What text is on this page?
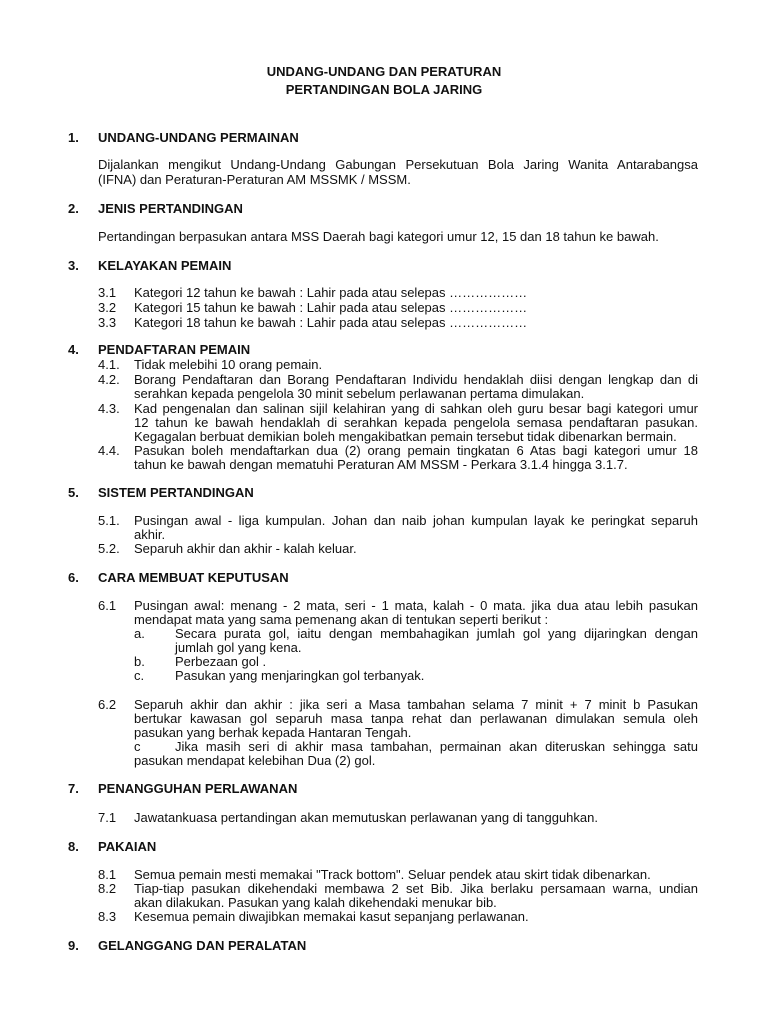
UNDANG-UNDANG DAN PERATURAN
PERTANDINGAN BOLA JARING
1. UNDANG-UNDANG PERMAINAN
Dijalankan mengikut Undang-Undang Gabungan Persekutuan Bola Jaring Wanita Antarabangsa
(IFNA) dan Peraturan-Peraturan AM MSSMK / MSSM.
2. JENIS PERTANDINGAN
Pertandingan berpasukan antara MSS Daerah bagi kategori umur 12, 15 dan 18 tahun ke bawah.
3. KELAYAKAN PEMAIN
3.1 Kategori 12 tahun ke bawah : Lahir pada atau selepas ………………
3.2 Kategori 15 tahun ke bawah : Lahir pada atau selepas ………………
3.3 Kategori 18 tahun ke bawah : Lahir pada atau selepas ………………
4. PENDAFTARAN PEMAIN
4.1. Tidak melebihi 10 orang pemain.
4.2. Borang Pendaftaran dan Borang Pendaftaran Individu hendaklah diisi dengan lengkap dan di
serahkan kepada pengelola 30 minit sebelum perlawanan pertama dimulakan.
4.3. Kad pengenalan dan salinan sijil kelahiran yang di sahkan oleh guru besar bagi kategori umur
12 tahun ke bawah hendaklah di serahkan kepada pengelola semasa pendaftaran pasukan.
Kegagalan berbuat demikian boleh mengakibatkan pemain tersebut tidak dibenarkan bermain.
4.4. Pasukan boleh mendaftarkan dua (2) orang pemain tingkatan 6 Atas bagi kategori umur 18
tahun ke bawah dengan mematuhi Peraturan AM MSSM - Perkara 3.1.4 hingga 3.1.7.
5. SISTEM PERTANDINGAN
5.1. Pusingan awal - liga kumpulan. Johan dan naib johan kumpulan layak ke peringkat separuh
akhir.
5.2. Separuh akhir dan akhir - kalah keluar.
6. CARA MEMBUAT KEPUTUSAN
6.1 Pusingan awal: menang - 2 mata, seri - 1 mata, kalah - 0 mata. jika dua atau lebih pasukan
mendapat mata yang sama pemenang akan di tentukan seperti berikut :
a. Secara purata gol, iaitu dengan membahagikan jumlah gol yang dijaringkan dengan
jumlah gol yang kena.
b. Perbezaan gol .
c. Pasukan yang menjaringkan gol terbanyak.
6.2 Separuh akhir dan akhir : jika seri a Masa tambahan selama 7 minit + 7 minit b Pasukan
bertukar kawasan gol separuh masa tanpa rehat dan perlawanan dimulakan semula oleh
pasukan yang berhak kepada Hantaran Tengah.
c	Jika masih seri di akhir masa tambahan, permainan akan diteruskan sehingga satu
pasukan mendapat kelebihan Dua (2) gol.
7. PENANGGUHAN PERLAWANAN
7.1 Jawatankuasa pertandingan akan memutuskan perlawanan yang di tangguhkan.
8. PAKAIAN
8.1 Semua pemain mesti memakai "Track bottom". Seluar pendek atau skirt tidak dibenarkan.
8.2 Tiap-tiap pasukan dikehendaki membawa 2 set Bib. Jika berlaku persamaan warna, undian
akan dilakukan. Pasukan yang kalah dikehendaki menukar bib.
8.3 Kesemua pemain diwajibkan memakai kasut sepanjang perlawanan.
9. GELANGGANG DAN PERALATAN
